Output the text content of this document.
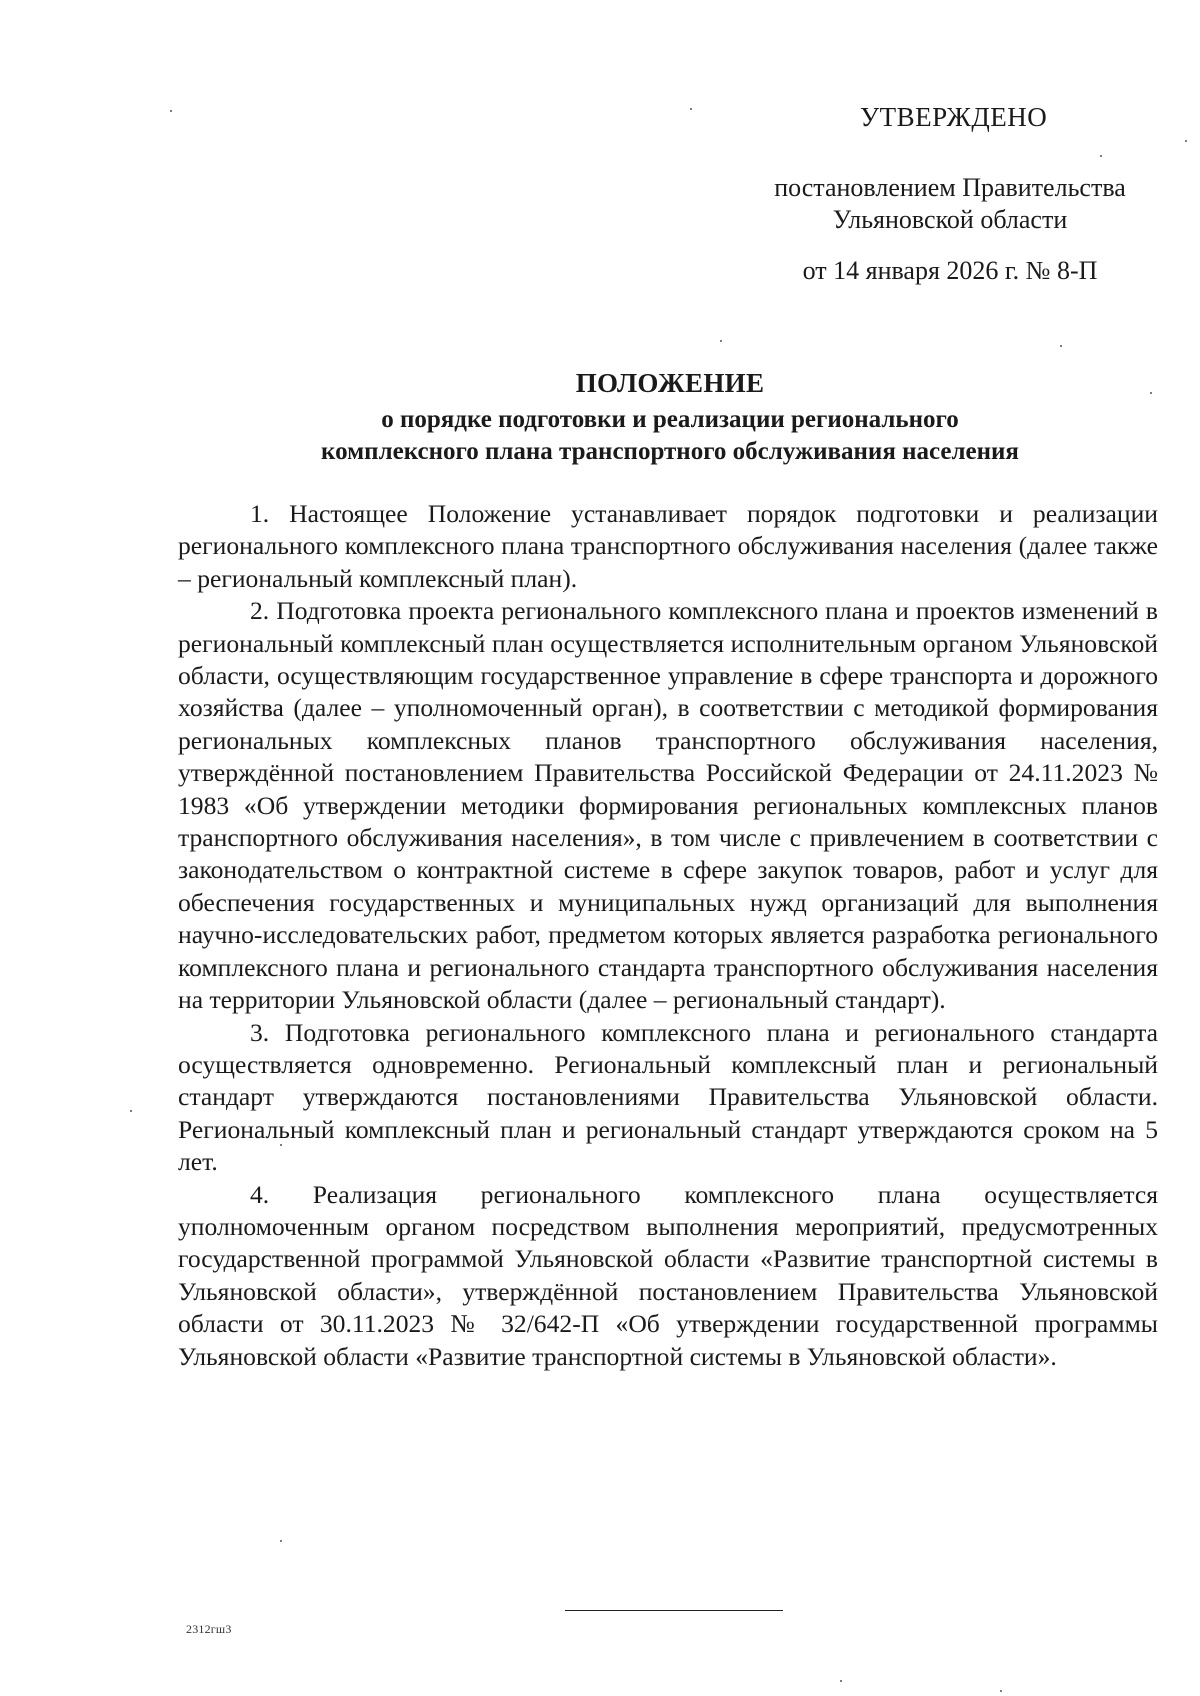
УТВЕРЖДЕНО
постановлением Правительства
Ульяновской области
от 14 января 2026 г. № 8-П
ПОЛОЖЕНИЕ
о порядке подготовки и реализации регионального
комплексного плана транспортного обслуживания населения

1. Настоящее Положение устанавливает порядок подготовки и реализации регионального комплексного плана транспортного обслуживания населения (далее также – региональный комплексный план).

2. Подготовка проекта регионального комплексного плана и проектов изменений в региональный комплексный план осуществляется исполнительным органом Ульяновской области, осуществляющим государственное управление в сфере транспорта и дорожного хозяйства (далее – уполномоченный орган), в соответствии с методикой формирования региональных комплексных планов транспортного обслуживания населения, утверждённой постановлением Правительства Российской Федерации от 24.11.2023 № 1983 «Об утверждении методики формирования региональных комплексных планов транспортного обслуживания населения», в том числе с привлечением в соответствии с законодательством о контрактной системе в сфере закупок товаров, работ и услуг для обеспечения государственных и муниципальных нужд организаций для выполнения научно-исследовательских работ, предметом которых является разработка регионального комплексного плана и регионального стандарта транспортного обслуживания населения на территории Ульяновской области (далее – региональный стандарт).

3. Подготовка регионального комплексного плана и регионального стандарта осуществляется одновременно. Региональный комплексный план и региональный стандарт утверждаются постановлениями Правительства Ульяновской области. Региональный комплексный план и региональный стандарт утверждаются сроком на 5 лет.

4. Реализация регионального комплексного плана осуществляется уполномоченным органом посредством выполнения мероприятий, предусмотренных государственной программой Ульяновской области «Развитие транспортной системы в Ульяновской области», утверждённой постановлением Правительства Ульяновской области от 30.11.2023 № 32/642-П «Об утверждении государственной программы Ульяновской области «Развитие транспортной системы в Ульяновской области».

2312гш3
